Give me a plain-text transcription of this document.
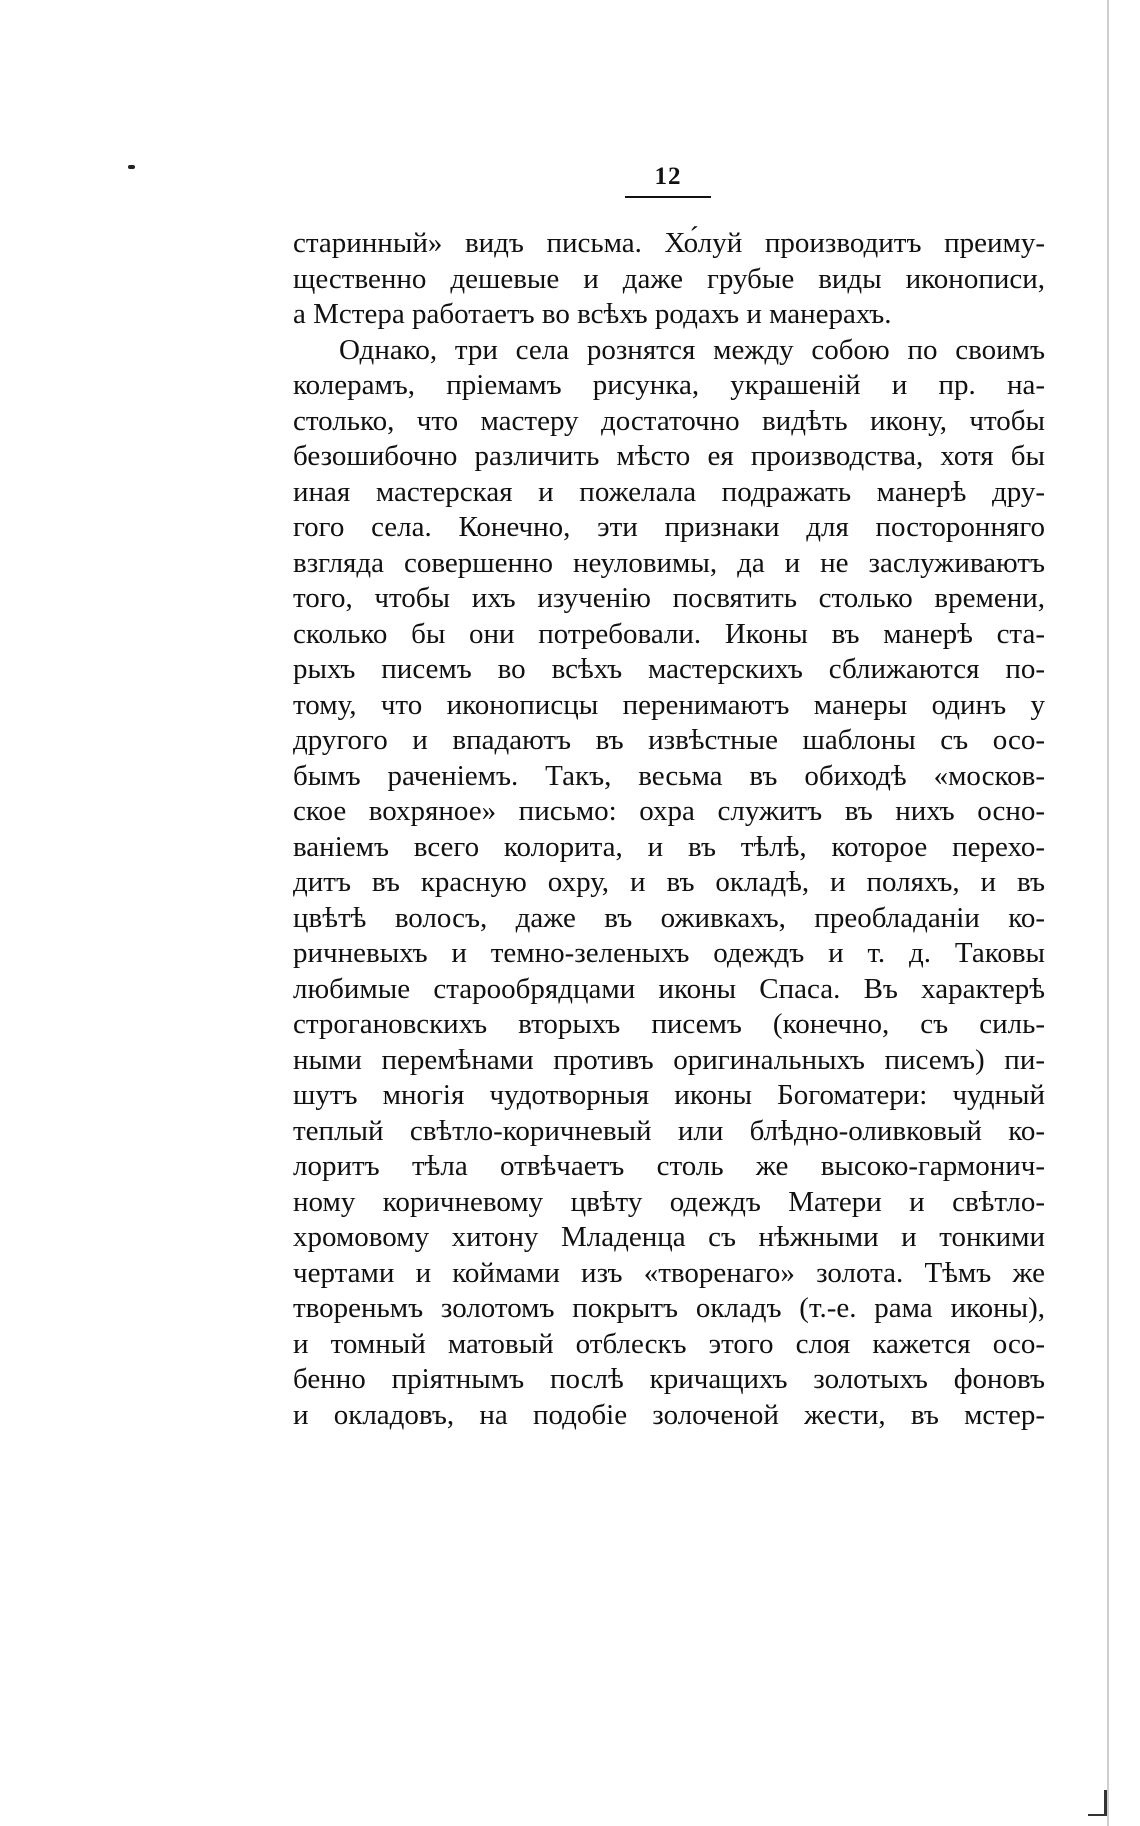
12
старинный» видъ письма. Хо́луй производитъ преиму-
щественно дешевые и даже грубые виды иконописи,
а Мстера работаетъ во всѣхъ родахъ и манерахъ.
Однако, три села рознятся между собою по своимъ
колерамъ, пріемамъ рисунка, украшеній и пр. на-
столько, что мастеру достаточно видѣть икону, чтобы
безошибочно различить мѣсто ея производства, хотя бы
иная мастерская и пожелала подражать манерѣ дру-
гого села. Конечно, эти признаки для посторонняго
взгляда совершенно неуловимы, да и не заслуживаютъ
того, чтобы ихъ изученію посвятить столько времени,
сколько бы они потребовали. Иконы въ манерѣ ста-
рыхъ писемъ во всѣхъ мастерскихъ сближаются по-
тому, что иконописцы перенимаютъ манеры одинъ у
другого и впадаютъ въ извѣстные шаблоны съ осо-
бымъ раченіемъ. Такъ, весьма въ обиходѣ «москов-
ское вохряное» письмо: охра служитъ въ нихъ осно-
ваніемъ всего колорита, и въ тѣлѣ, которое перехо-
дитъ въ красную охру, и въ окладѣ, и поляхъ, и въ
цвѣтѣ волосъ, даже въ оживкахъ, преобладаніи ко-
ричневыхъ и темно-зеленыхъ одеждъ и т. д. Таковы
любимые старообрядцами иконы Спаса. Въ характерѣ
строгановскихъ вторыхъ писемъ (конечно, съ силь-
ными перемѣнами противъ оригинальныхъ писемъ) пи-
шутъ многія чудотворныя иконы Богоматери: чудный
теплый свѣтло-коричневый или блѣдно-оливковый ко-
лоритъ тѣла отвѣчаетъ столь же высоко-гармонич-
ному коричневому цвѣту одеждъ Матери и свѣтло-
хромовому хитону Младенца съ нѣжными и тонкими
чертами и коймами изъ «творенаго» золота. Тѣмъ же
твореньмъ золотомъ покрытъ окладъ (т.-е. рама иконы),
и томный матовый отблескъ этого слоя кажется осо-
бенно пріятнымъ послѣ кричащихъ золотыхъ фоновъ
и окладовъ, на подобіе золоченой жести, въ мстер-
